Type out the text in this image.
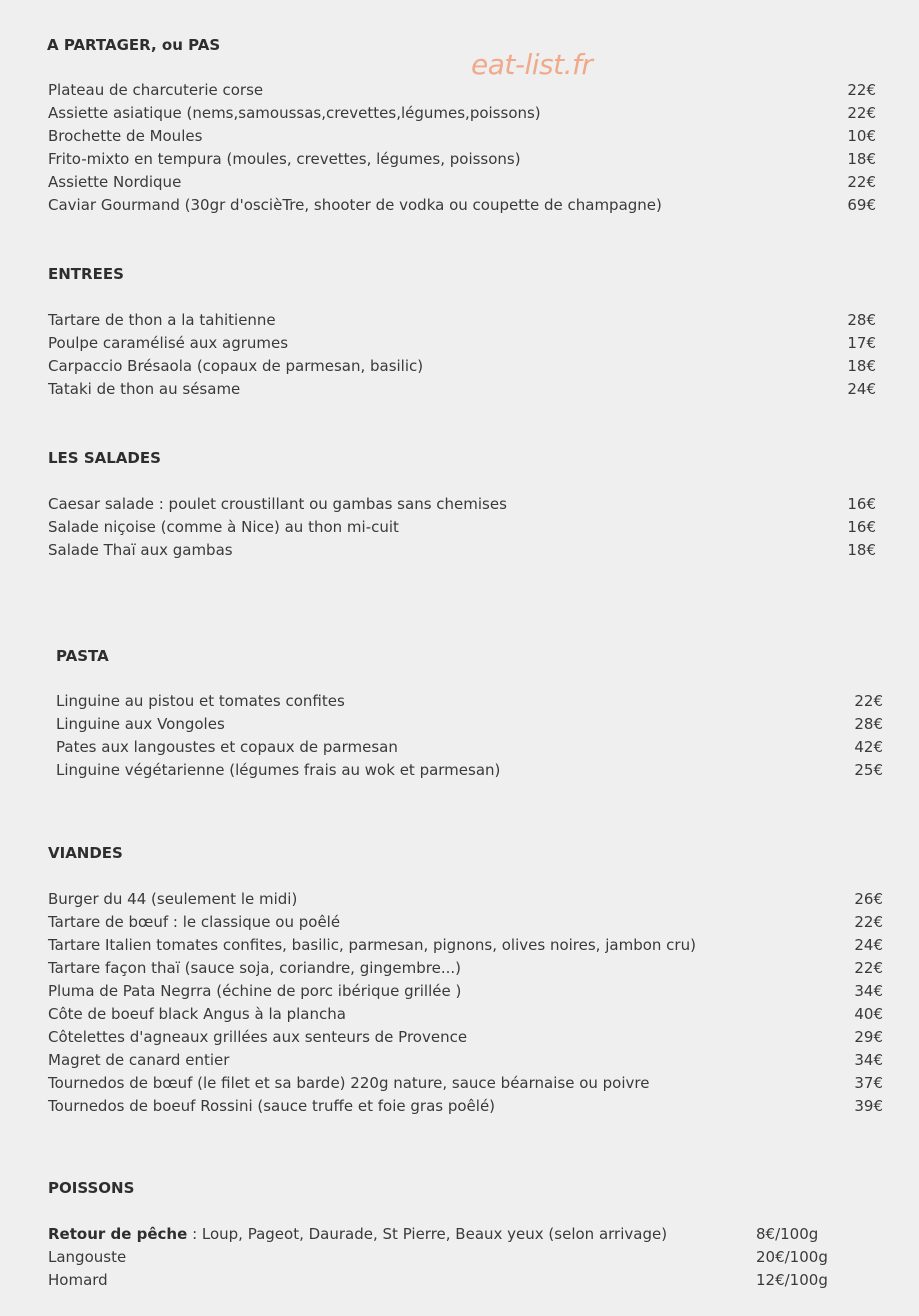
eat-list.fr
A PARTAGER, ou PAS
Plateau de charcuterie corse	22€
Assiette asiatique (nems,samoussas,crevettes,légumes,poissons)	22€
Brochette de Moules	10€
Frito-mixto en tempura (moules, crevettes, légumes, poissons)	18€
Assiette Nordique	22€
Caviar Gourmand (30gr d'oscièTre, shooter de vodka ou coupette de champagne)	69€
ENTREES
Tartare de thon a la tahitienne	28€
Poulpe caramélisé aux agrumes	17€
Carpaccio Brésaola (copaux de parmesan, basilic)	18€
Tataki de thon au sésame	24€
LES SALADES
Caesar salade : poulet croustillant ou gambas sans chemises	16€
Salade niçoise (comme à Nice) au thon mi-cuit	16€
Salade Thaï aux gambas	18€
PASTA
Linguine au pistou et tomates confites	22€
Linguine aux Vongoles	28€
Pates aux langoustes et copaux de parmesan	42€
Linguine végétarienne (légumes frais au wok et parmesan)	25€
VIANDES
Burger du 44 (seulement le midi)	26€
Tartare de bœuf : le classique ou poêlé	22€
Tartare Italien tomates confites, basilic, parmesan, pignons, olives noires, jambon cru)	24€
Tartare façon thaï (sauce soja, coriandre, gingembre...)	22€
Pluma de Pata Negrra (échine de porc ibérique grillée )	34€
Côte de boeuf black Angus à la plancha	40€
Côtelettes d'agneaux grillées aux senteurs de Provence	29€
Magret de canard entier	34€
Tournedos de bœuf (le filet et sa barde) 220g nature, sauce béarnaise ou poivre	37€
Tournedos de boeuf Rossini (sauce truffe et foie gras poêlé)	39€
POISSONS
Retour de pêche : Loup, Pageot, Daurade, St Pierre, Beaux yeux (selon arrivage)	8€/100g
Langouste	20€/100g
Homard	12€/100g
